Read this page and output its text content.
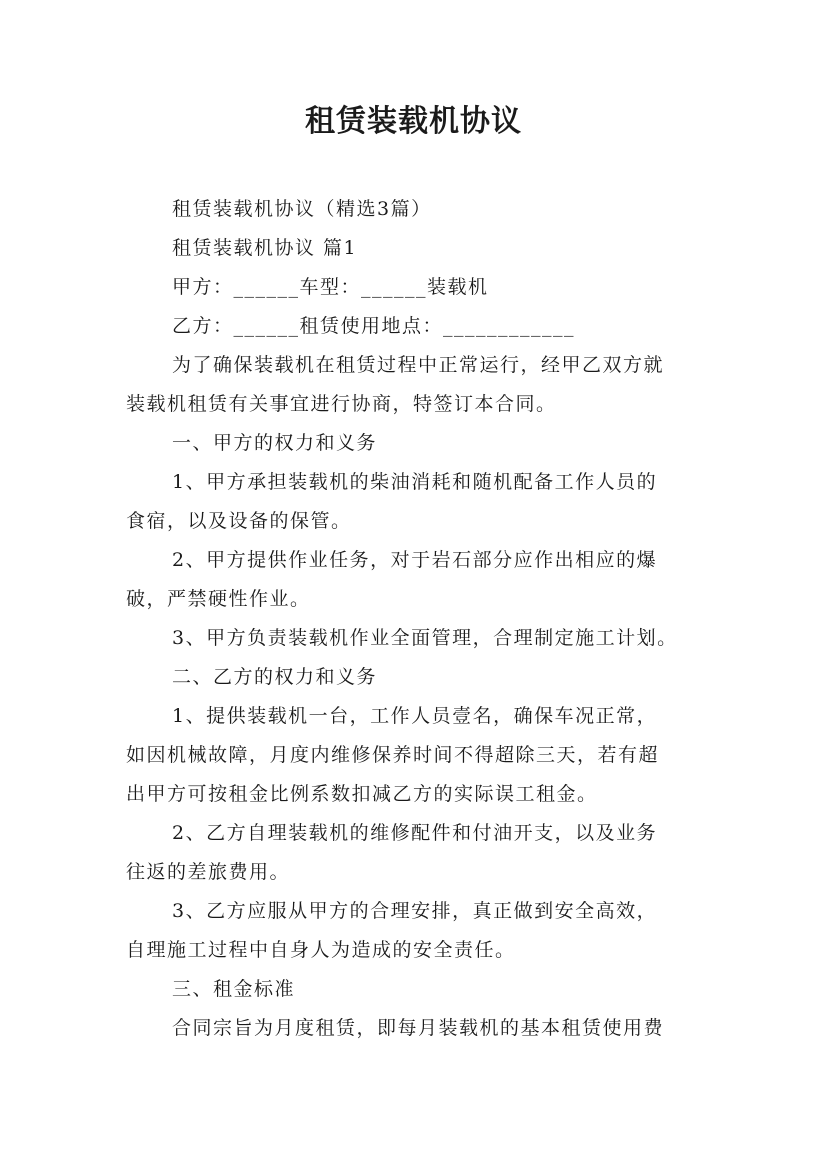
租赁装载机协议

租赁装载机协议（精选3篇）

租赁装载机协议 篇1

甲方：______车型：______装载机

乙方：______租赁使用地点：____________

为了确保装载机在租赁过程中正常运行，经甲乙双方就

装载机租赁有关事宜进行协商，特签订本合同。

一、甲方的权力和义务

1、甲方承担装载机的柴油消耗和随机配备工作人员的

食宿，以及设备的保管。

2、甲方提供作业任务，对于岩石部分应作出相应的爆

破，严禁硬性作业。

3、甲方负责装载机作业全面管理，合理制定施工计划。

二、乙方的权力和义务

1、提供装载机一台，工作人员壹名，确保车况正常，

如因机械故障，月度内维修保养时间不得超除三天，若有超

出甲方可按租金比例系数扣减乙方的实际误工租金。

2、乙方自理装载机的维修配件和付油开支，以及业务

往返的差旅费用。

3、乙方应服从甲方的合理安排，真正做到安全高效，

自理施工过程中自身人为造成的安全责任。

三、租金标准

合同宗旨为月度租赁，即每月装载机的基本租赁使用费
